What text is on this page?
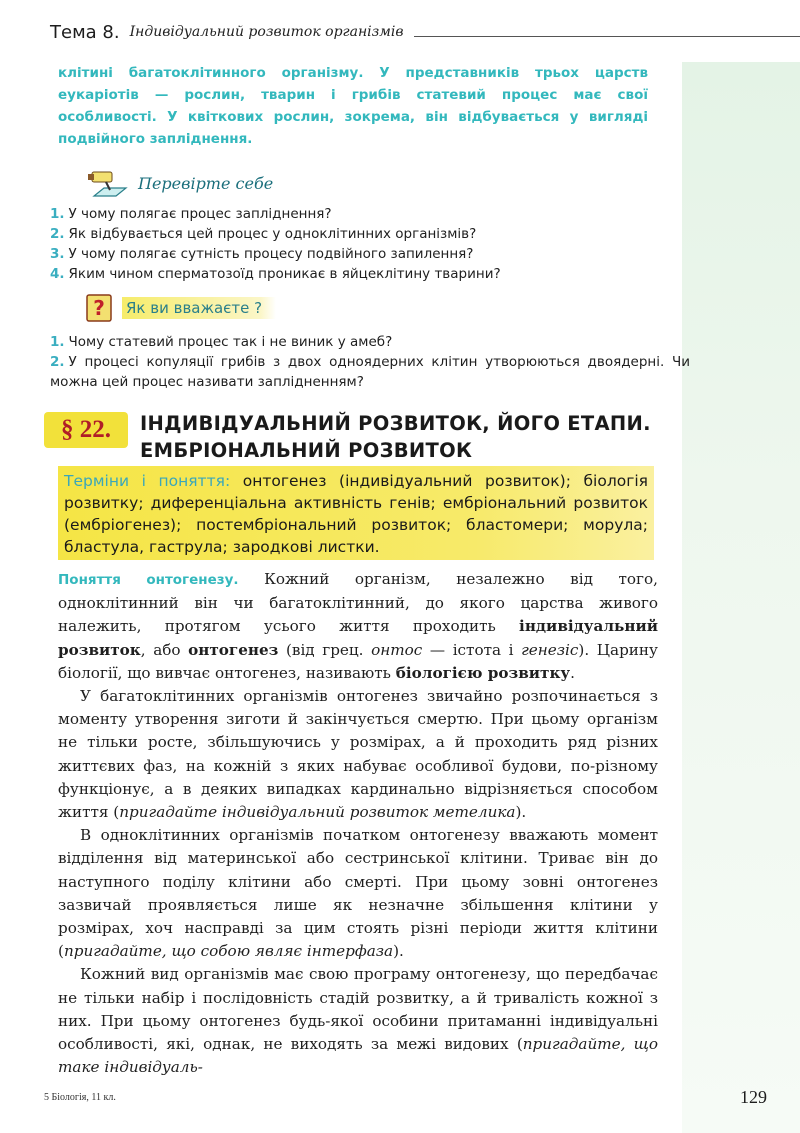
Тема 8. Індивідуальний розвиток організмів

клітині багатоклітинного організму. У представників трьох царств еукаріотів — рослин, тварин і грибів статевий процес має свої особливості. У квіткових рослин, зокрема, він відбувається у вигляді подвійного запліднення.

Перевірте себе
1. У чому полягає процес запліднення?
2. Як відбувається цей процес у одноклітинних організмів?
3. У чому полягає сутність процесу подвійного запилення?
4. Яким чином сперматозоїд проникає в яйцеклітину тварини?
? Як ви вважаєте ?
1. Чому статевий процес так і не виник у амеб?
2. У процесі копуляції грибів з двох одноядерних клітин утворюються двоядерні. Чи можна цей процес називати заплідненням?
§ 22. ІНДИВІДУАЛЬНИЙ РОЗВИТОК, ЙОГО ЕТАПИ.
ЕМБРІОНАЛЬНИЙ РОЗВИТОК
Терміни і поняття: онтогенез (індивідуальний розвиток); біологія розвитку; диференціальна активність генів; ембріональний розвиток (ембріогенез); постембріональний розвиток; бластомери; морула; бластула, гаструла; зародкові листки.

Поняття онтогенезу. Кожний організм, незалежно від того, одноклітинний він чи багатоклітинний, до якого царства живого належить, протягом усього життя проходить індивідуальний розвиток, або онтогенез (від грец. онтос — істота і генезіс). Царину біології, що вивчає онтогенез, називають біологією розвитку.

У багатоклітинних організмів онтогенез звичайно розпочинається з моменту утворення зиготи й закінчується смертю. При цьому організм не тільки росте, збільшуючись у розмірах, а й проходить ряд різних життєвих фаз, на кожній з яких набуває особливої будови, по-різному функціонує, а в деяких випадках кардинально відрізняється способом життя (пригадайте індивідуальний розвиток метелика).

В одноклітинних організмів початком онтогенезу вважають момент відділення від материнської або сестринської клітини. Триває він до наступного поділу клітини або смерті. При цьому зовні онтогенез зазвичай проявляється лише як незначне збільшення клітини у розмірах, хоч насправді за цим стоять різні періоди життя клітини (пригадайте, що собою являє інтерфаза).

Кожний вид організмів має свою програму онтогенезу, що передбачає не тільки набір і послідовність стадій розвитку, а й тривалість кожної з них. При цьому онтогенез будь-якої особини притаманні індивідуальні особливості, які, однак, не виходять за межі видових (пригадайте, що таке індивідуаль-

5 Біологія, 11 кл.	129
